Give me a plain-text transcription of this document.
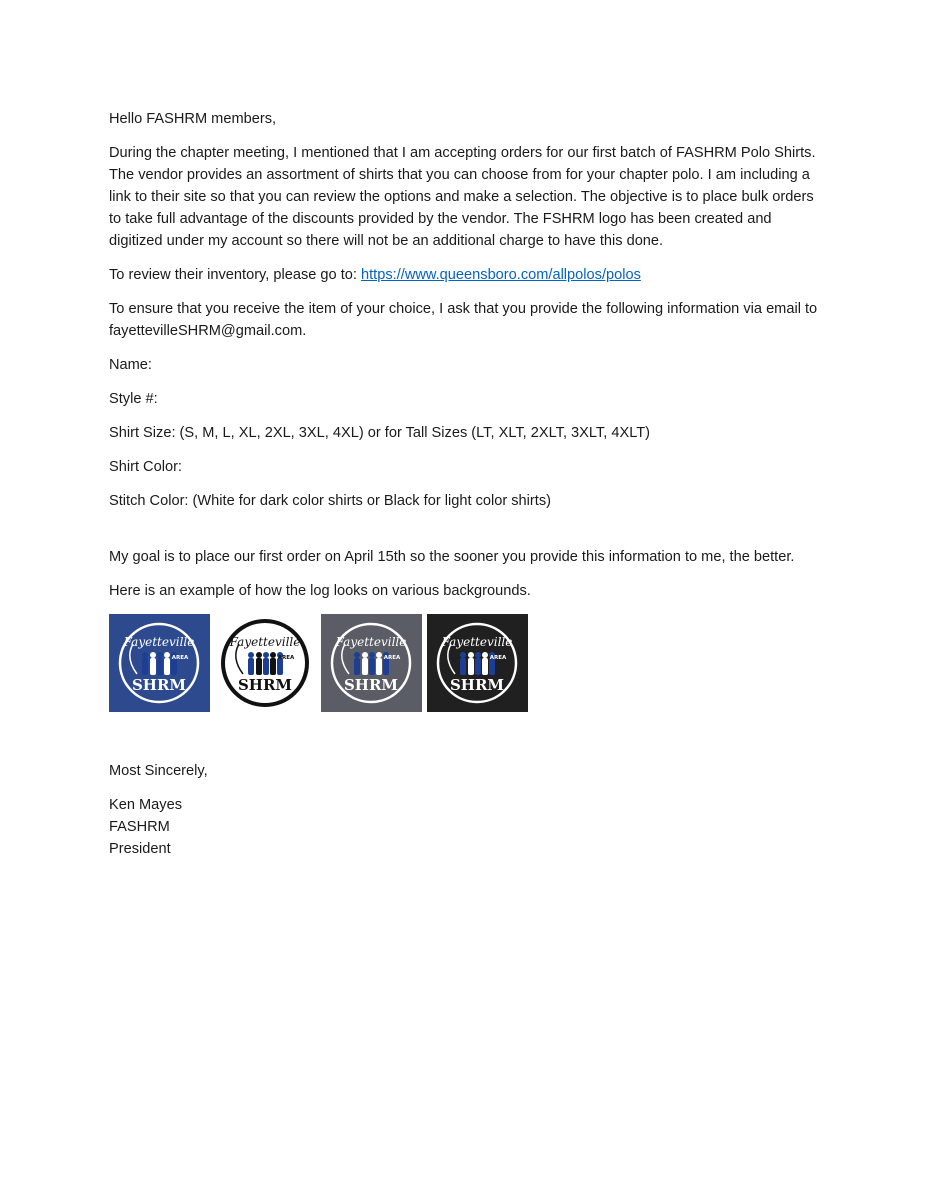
Hello FASHRM members,

During the chapter meeting, I mentioned that I am accepting orders for our first batch of FASHRM Polo Shirts. The vendor provides an assortment of shirts that you can choose from for your chapter polo. I am including a link to their site so that you can review the options and make a selection. The objective is to place bulk orders to take full advantage of the discounts provided by the vendor. The FSHRM logo has been created and digitized under my account so there will not be an additional charge to have this done.

To review their inventory, please go to: https://www.queensboro.com/allpolos/polos

To ensure that you receive the item of your choice, I ask that you provide the following information via email to fayettevilleSHRM@gmail.com.

Name:

Style #:

Shirt Size: (S, M, L, XL, 2XL, 3XL, 4XL) or for Tall Sizes (LT, XLT, 2XLT, 3XLT, 4XLT)

Shirt Color:

Stitch Color: (White for dark color shirts or Black for light color shirts)

My goal is to place our first order on April 15th so the sooner you provide this information to me, the better.

Here is an example of how the log looks on various backgrounds.

Fayetteville
AREA
SHRM
Fayetteville
AREA
SHRM
Fayetteville
AREA
SHRM
Fayetteville
AREA
SHRM

Most Sincerely,

Ken Mayes

FASHRM

President
